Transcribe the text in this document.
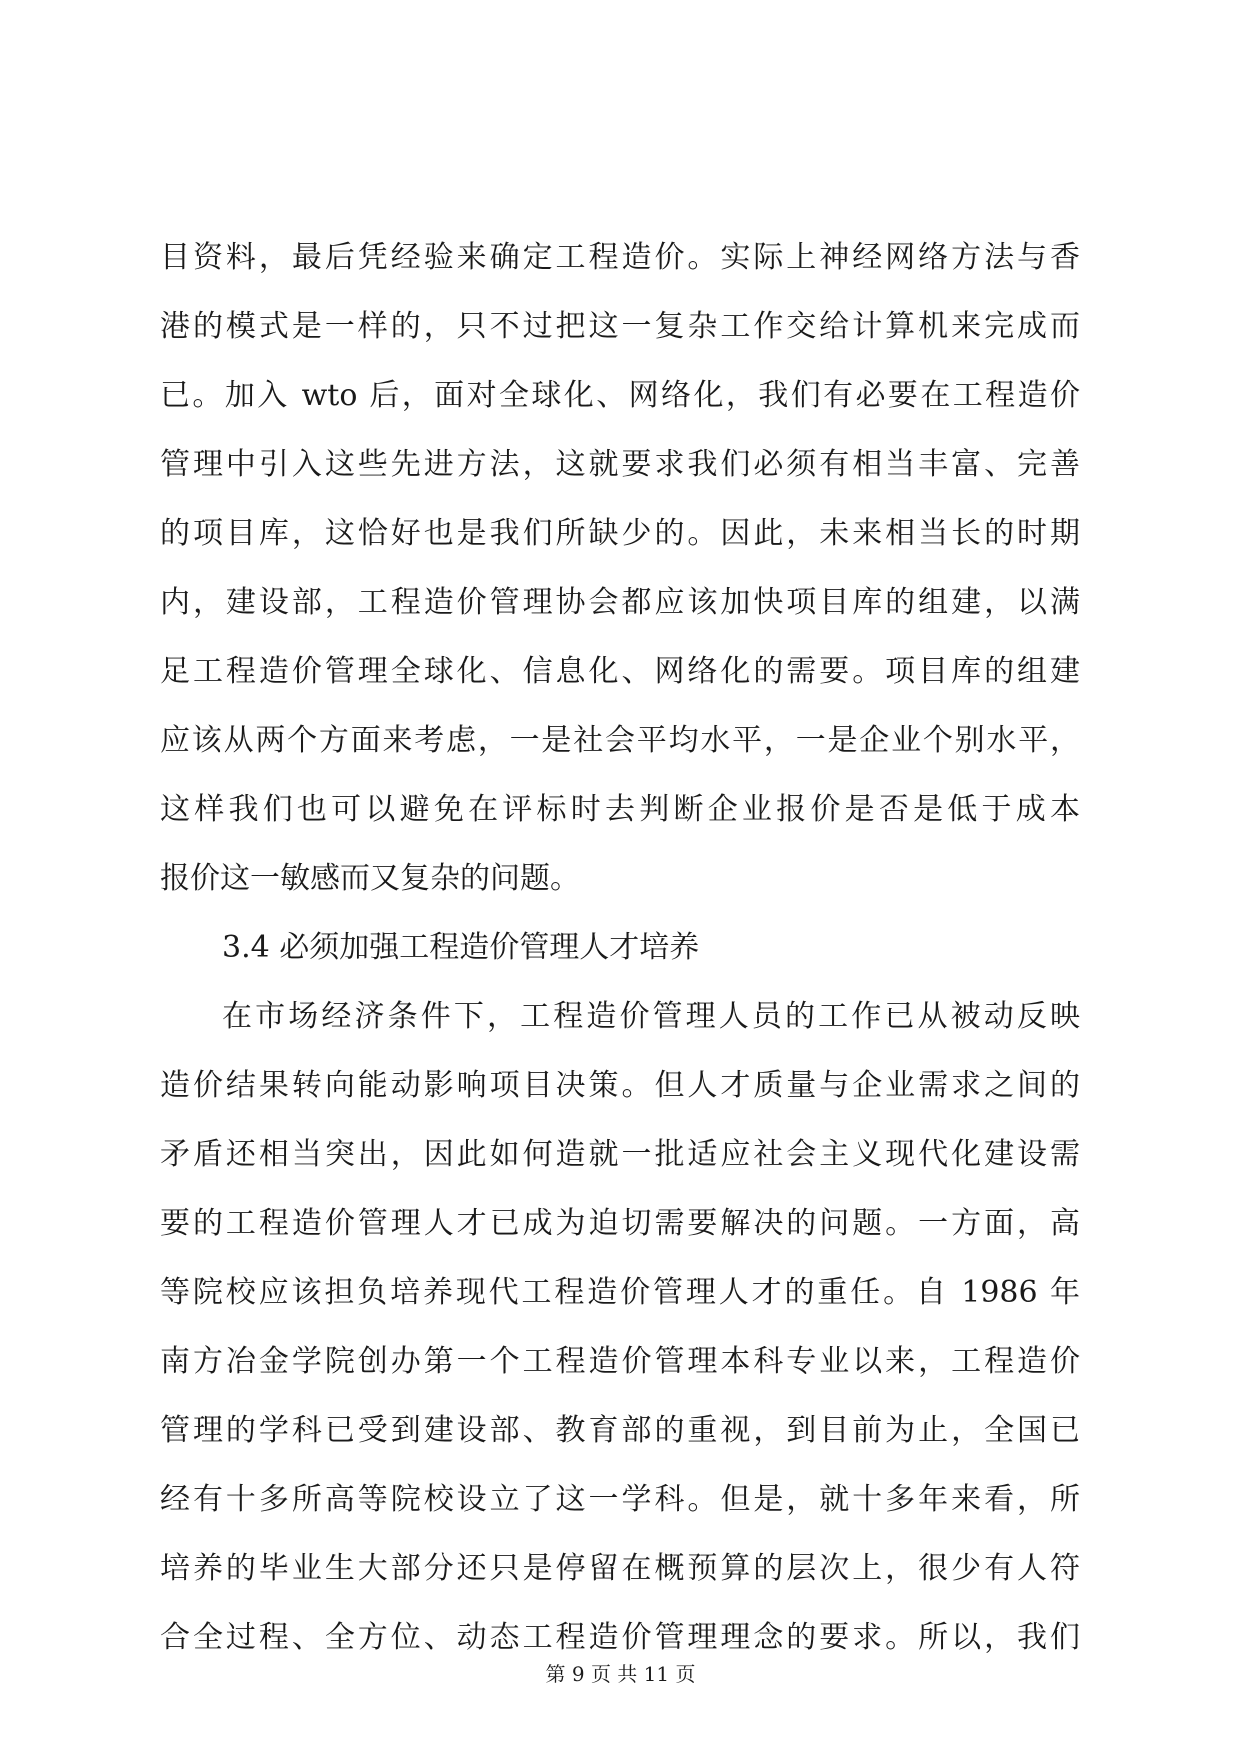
目资料，最后凭经验来确定工程造价。实际上神经网络方法与香
港的模式是一样的，只不过把这一复杂工作交给计算机来完成而
已。加入 wto 后，面对全球化、网络化，我们有必要在工程造价
管理中引入这些先进方法，这就要求我们必须有相当丰富、完善
的项目库，这恰好也是我们所缺少的。因此，未来相当长的时期
内，建设部，工程造价管理协会都应该加快项目库的组建，以满
足工程造价管理全球化、信息化、网络化的需要。项目库的组建
应该从两个方面来考虑，一是社会平均水平，一是企业个别水平，
这样我们也可以避免在评标时去判断企业报价是否是低于成本
报价这一敏感而又复杂的问题。
3.4 必须加强工程造价管理人才培养
在市场经济条件下，工程造价管理人员的工作已从被动反映
造价结果转向能动影响项目决策。但人才质量与企业需求之间的
矛盾还相当突出，因此如何造就一批适应社会主义现代化建设需
要的工程造价管理人才已成为迫切需要解决的问题。一方面，高
等院校应该担负培养现代工程造价管理人才的重任。自 1986 年
南方冶金学院创办第一个工程造价管理本科专业以来，工程造价
管理的学科已受到建设部、教育部的重视，到目前为止，全国已
经有十多所高等院校设立了这一学科。但是，就十多年来看，所
培养的毕业生大部分还只是停留在概预算的层次上，很少有人符
合全过程、全方位、动态工程造价管理理念的要求。所以，我们
第 9 页 共 11 页
